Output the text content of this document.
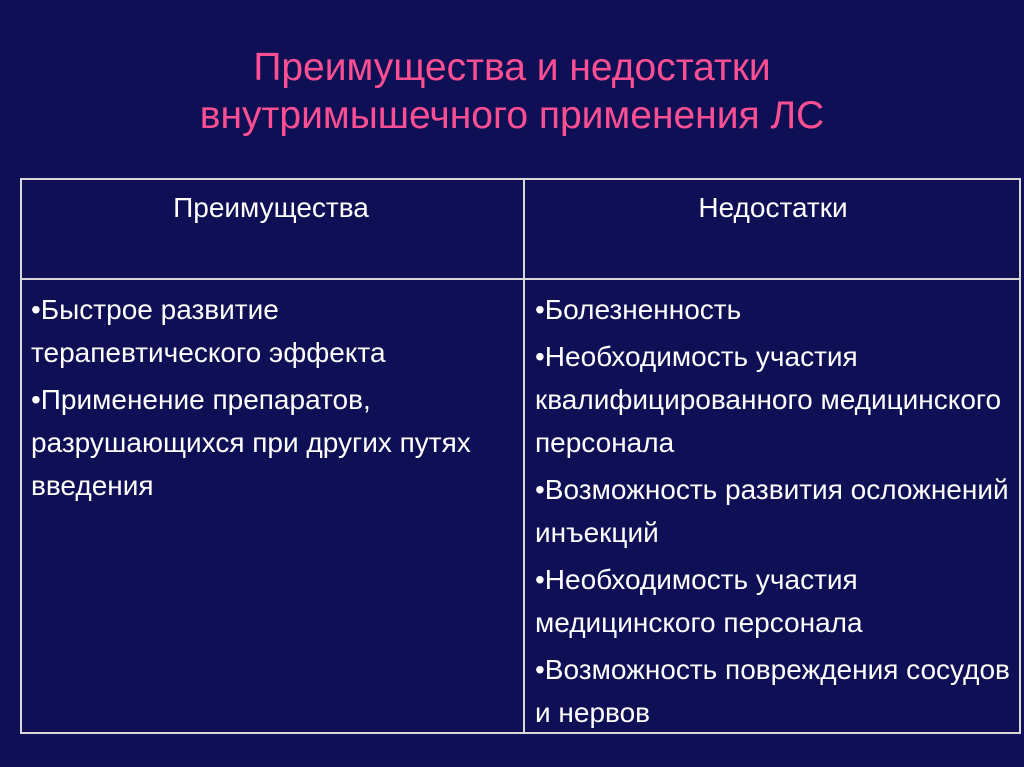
Преимущества и недостатки
внутримышечного применения ЛС
Преимущества	Недостатки
•Быстрое развитие терапевтического эффекта
•Применение препаратов, разрушающихся при других путях введения
•Болезненность
•Необходимость участия квалифицированного медицинского персонала
•Возможность развития осложнений инъекций
•Необходимость участия медицинского персонала
•Возможность повреждения сосудов и нервов
